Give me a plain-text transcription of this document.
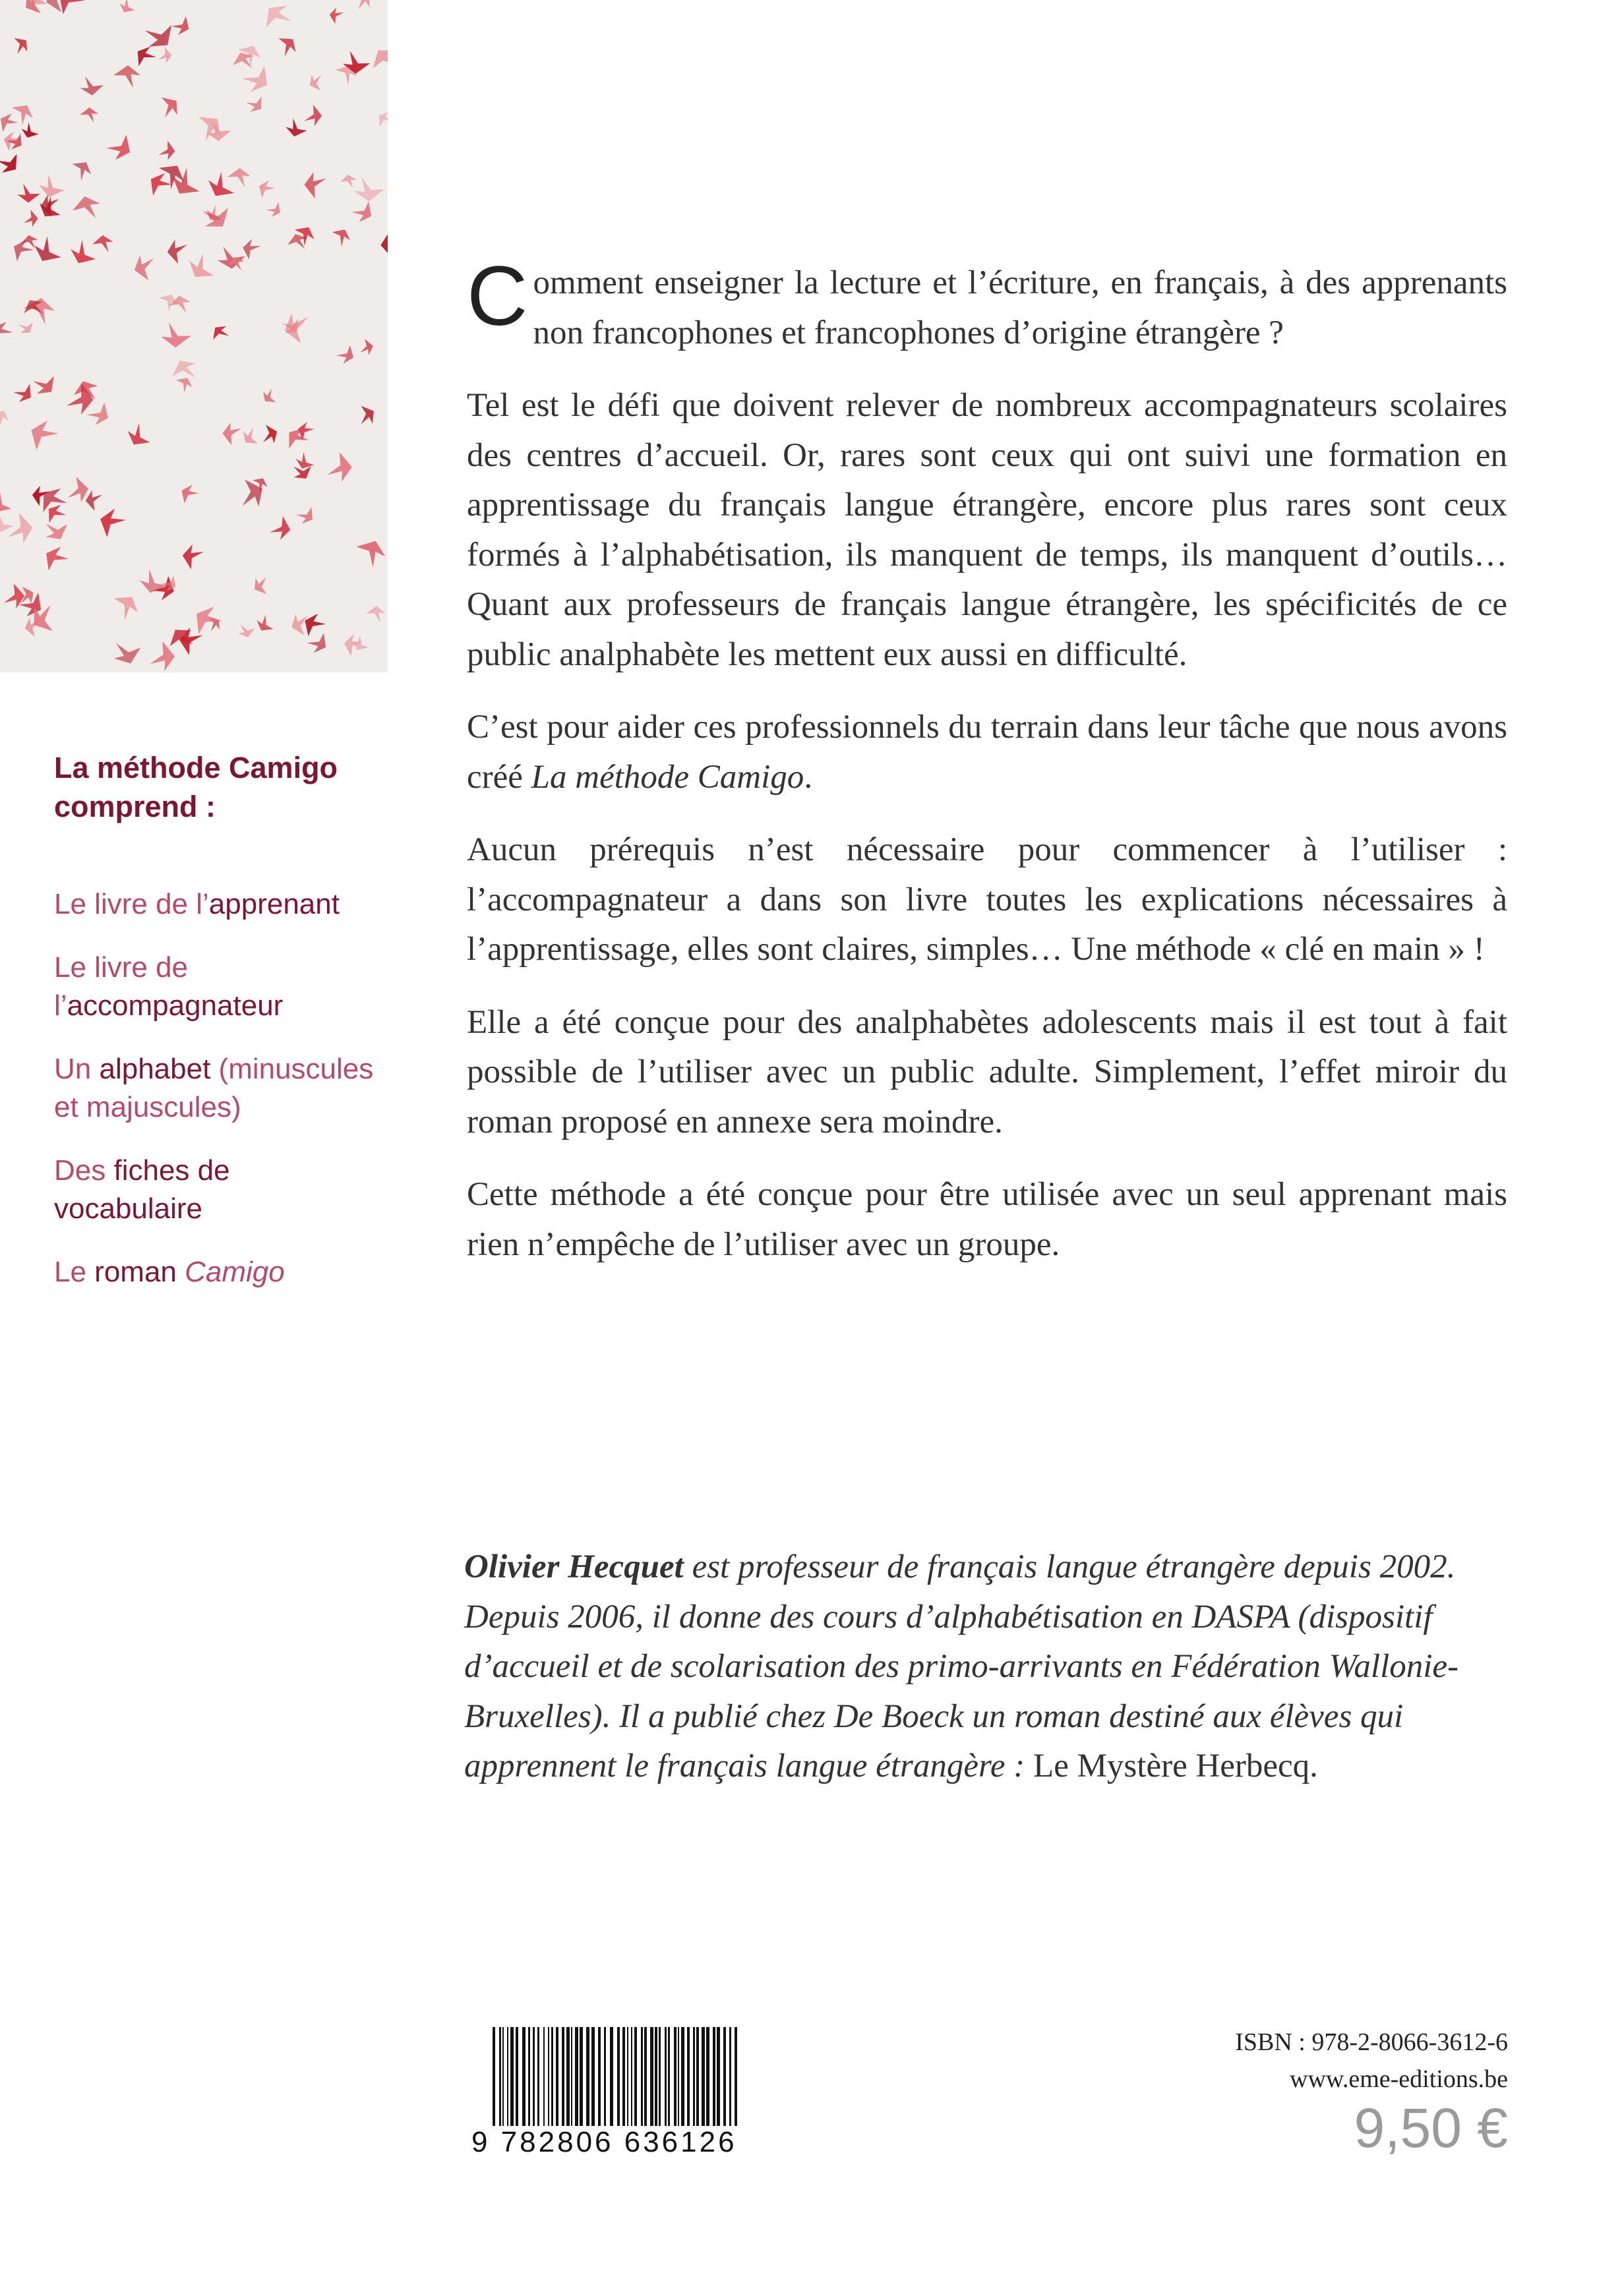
La méthode Camigo comprend :
Le livre de l’apprenant
Le livre de l’accompagnateur
Un alphabet (minuscules et majuscules)
Des fiches de vocabulaire
Le roman Camigo

Comment enseigner la lecture et l’écriture, en français, à des apprenants non francophones et francophones d’origine étrangère ?

Tel est le défi que doivent relever de nombreux accompagnateurs scolaires des centres d’accueil. Or, rares sont ceux qui ont suivi une formation en apprentissage du français langue étrangère, encore plus rares sont ceux formés à l’alphabétisation, ils manquent de temps, ils manquent d’outils… Quant aux professeurs de français langue étrangère, les spécificités de ce public analphabète les mettent eux aussi en difficulté.

C’est pour aider ces professionnels du terrain dans leur tâche que nous avons créé La méthode Camigo.

Aucun prérequis n’est nécessaire pour commencer à l’utiliser : l’accompagnateur a dans son livre toutes les explications nécessaires à l’apprentissage, elles sont claires, simples… Une méthode « clé en main » !

Elle a été conçue pour des analphabètes adolescents mais il est tout à fait possible de l’utiliser avec un public adulte. Simplement, l’effet miroir du roman proposé en annexe sera moindre.

Cette méthode a été conçue pour être utilisée avec un seul apprenant mais rien n’empêche de l’utiliser avec un groupe.

Olivier Hecquet est professeur de français langue étrangère depuis 2002. Depuis 2006, il donne des cours d’alphabétisation en DASPA (dispositif d’accueil et de scolarisation des primo-arrivants en Fédération Wallonie-Bruxelles). Il a publié chez De Boeck un roman destiné aux élèves qui apprennent le français langue étrangère : Le Mystère Herbecq.
9 782806 636126
ISBN : 978-2-8066-3612-6
www.eme-editions.be
9,50 €
